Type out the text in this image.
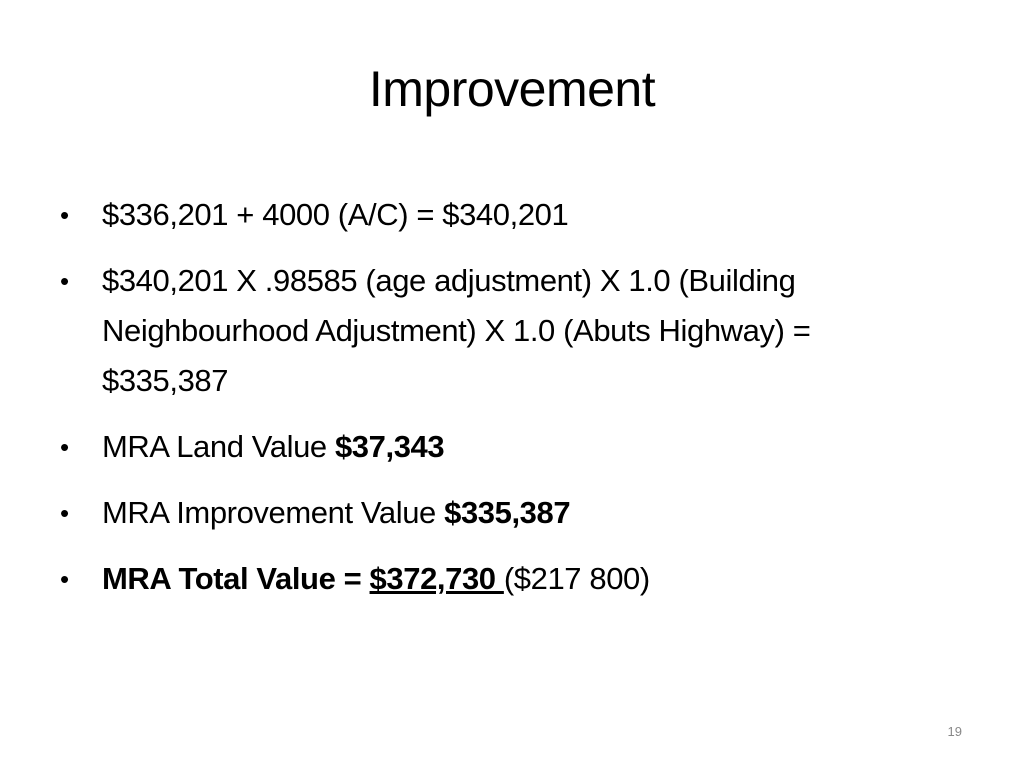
Improvement
• $336,201 + 4000 (A/C) = $340,201
• $340,201 X .98585 (age adjustment) X 1.0 (Building Neighbourhood Adjustment) X 1.0 (Abuts Highway) = $335,387
• MRA Land Value $37,343
• MRA Improvement Value $335,387
• MRA Total Value = $372,730 ($217 800)
19
